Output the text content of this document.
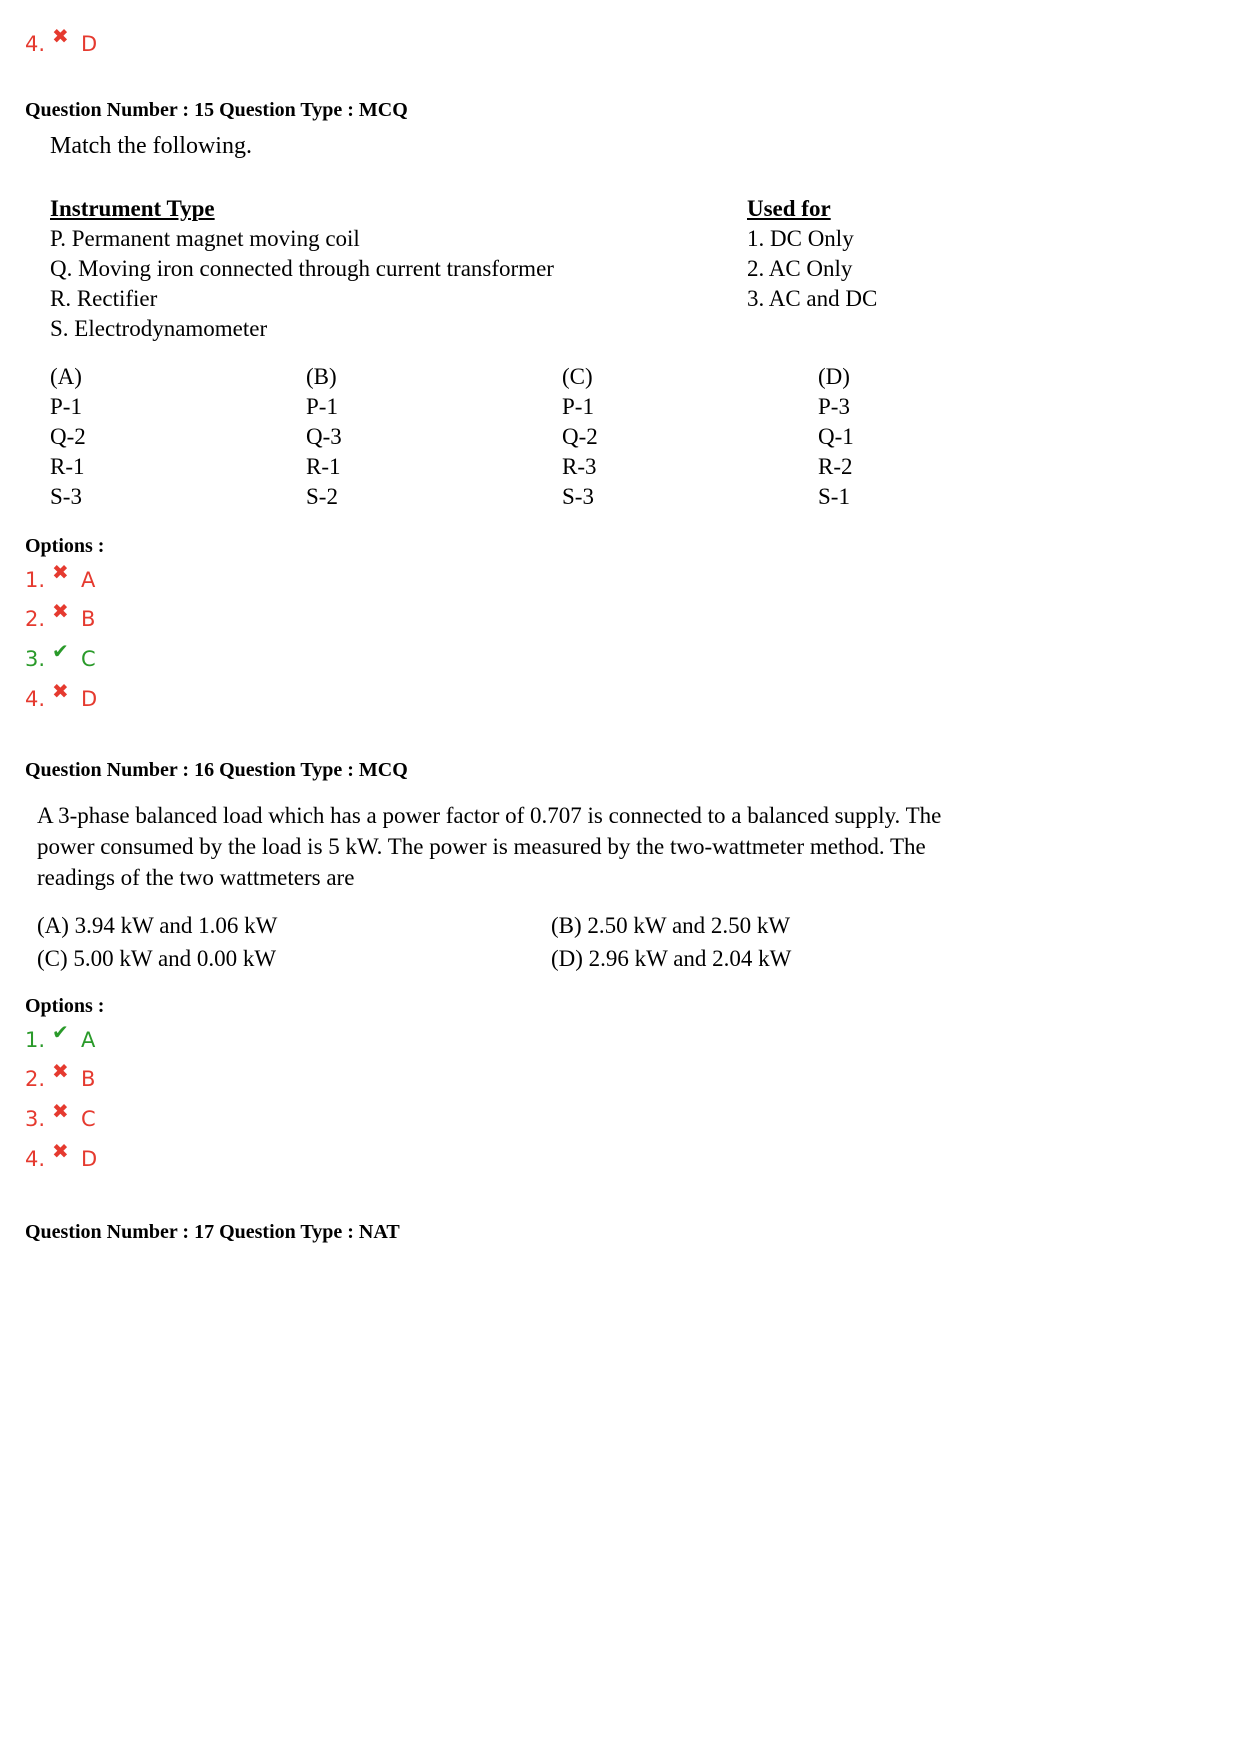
4. ✖ D
Question Number : 15 Question Type : MCQ
Match the following.
Instrument Type
P. Permanent magnet moving coil
Q. Moving iron connected through current transformer
R. Rectifier
S. Electrodynamometer
Used for
1. DC Only
2. AC Only
3. AC and DC
(A)
P-1
Q-2
R-1
S-3
(B)
P-1
Q-3
R-1
S-2
(C)
P-1
Q-2
R-3
S-3
(D)
P-3
Q-1
R-2
S-1
Options :
1. ✖ A
2. ✖ B
3. ✔ C
4. ✖ D
Question Number : 16 Question Type : MCQ
A 3-phase balanced load which has a power factor of 0.707 is connected to a balanced supply. The
power consumed by the load is 5 kW. The power is measured by the two-wattmeter method. The
readings of the two wattmeters are
(A) 3.94 kW and 1.06 kW	(B) 2.50 kW and 2.50 kW
(C) 5.00 kW and 0.00 kW	(D) 2.96 kW and 2.04 kW
Options :
1. ✔ A
2. ✖ B
3. ✖ C
4. ✖ D
Question Number : 17 Question Type : NAT
